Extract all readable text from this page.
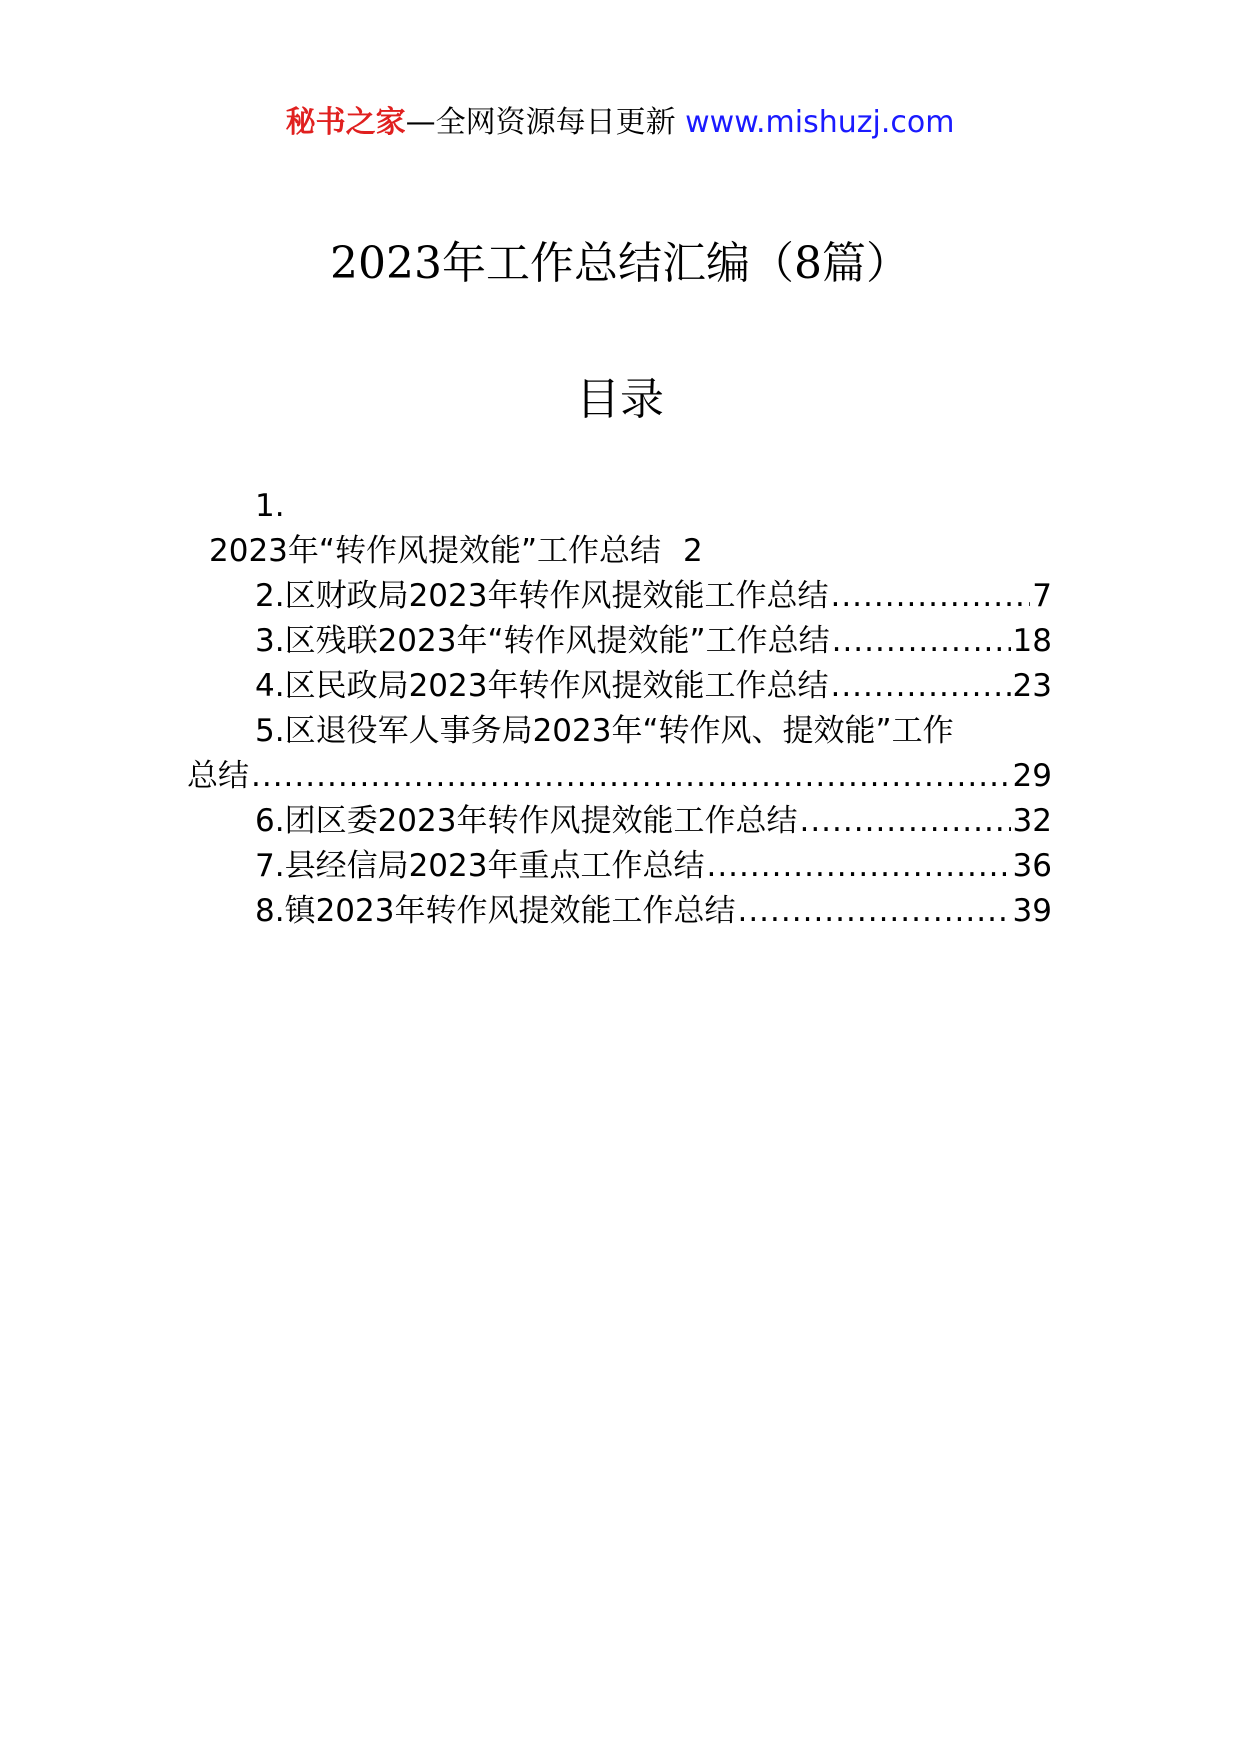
秘书之家—全网资源每日更新 www.mishuzj.com
2023年工作总结汇编（8篇）
目录
1.
2023年“转作风提效能”工作总结 2
2.区财政局2023年转作风提效能工作总结 .....	7
3.区残联2023年“转作风提效能”工作总结 .....	18
4.区民政局2023年转作风提效能工作总结 .....	23
5.区退役军人事务局2023年“转作风、提效能”工作
总结 .....	29
6.团区委2023年转作风提效能工作总结 .....	32
7.县经信局2023年重点工作总结 .....	36
8.镇2023年转作风提效能工作总结 .....	39
